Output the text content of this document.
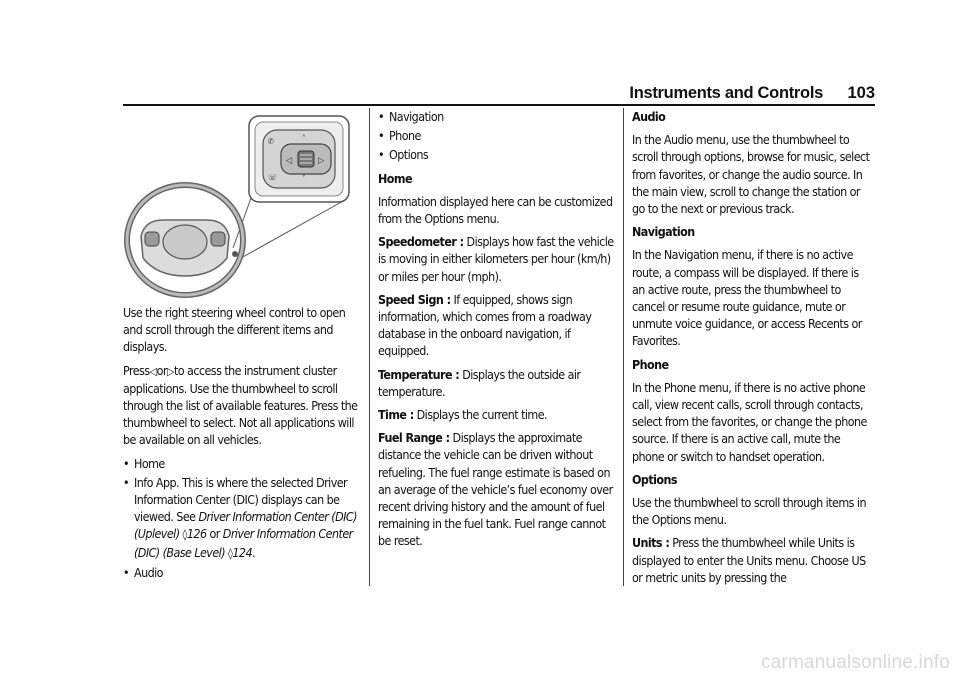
Instruments and Controls 103
◁	▷
˄
˅
✆
☏

Use the right steering wheel control to open and scroll through the different items and displays.

Press◁or▷to access the instrument cluster applications. Use the thumbwheel to scroll through the list of available features. Press the thumbwheel to select. Not all applications will be available on all vehicles.

• Home
• Info App. This is where the selected Driver Information Center (DIC) displays can be viewed. See Driver Information Center (DIC) (Uplevel) ◊126 or Driver Information Center (DIC) (Base Level) ◊124.
• Audio
• Navigation
• Phone
• Options

Home

Information displayed here can be customized from the Options menu.

Speedometer : Displays how fast the vehicle is moving in either kilometers per hour (km/h) or miles per hour (mph).

Speed Sign : If equipped, shows sign information, which comes from a roadway database in the onboard navigation, if equipped.

Temperature : Displays the outside air temperature.

Time : Displays the current time.

Fuel Range : Displays the approximate distance the vehicle can be driven without refueling. The fuel range estimate is based on an average of the vehicle’s fuel economy over recent driving history and the amount of fuel remaining in the fuel tank. Fuel range cannot be reset.

Audio

In the Audio menu, use the thumbwheel to scroll through options, browse for music, select from favorites, or change the audio source. In the main view, scroll to change the station or go to the next or previous track.

Navigation

In the Navigation menu, if there is no active route, a compass will be displayed. If there is an active route, press the thumbwheel to cancel or resume route guidance, mute or unmute voice guidance, or access Recents or Favorites.

Phone

In the Phone menu, if there is no active phone call, view recent calls, scroll through contacts, select from the favorites, or change the phone source. If there is an active call, mute the phone or switch to handset operation.

Options

Use the thumbwheel to scroll through items in the Options menu.

Units : Press the thumbwheel while Units is displayed to enter the Units menu. Choose US or metric units by pressing the

carmanualsonline.info
